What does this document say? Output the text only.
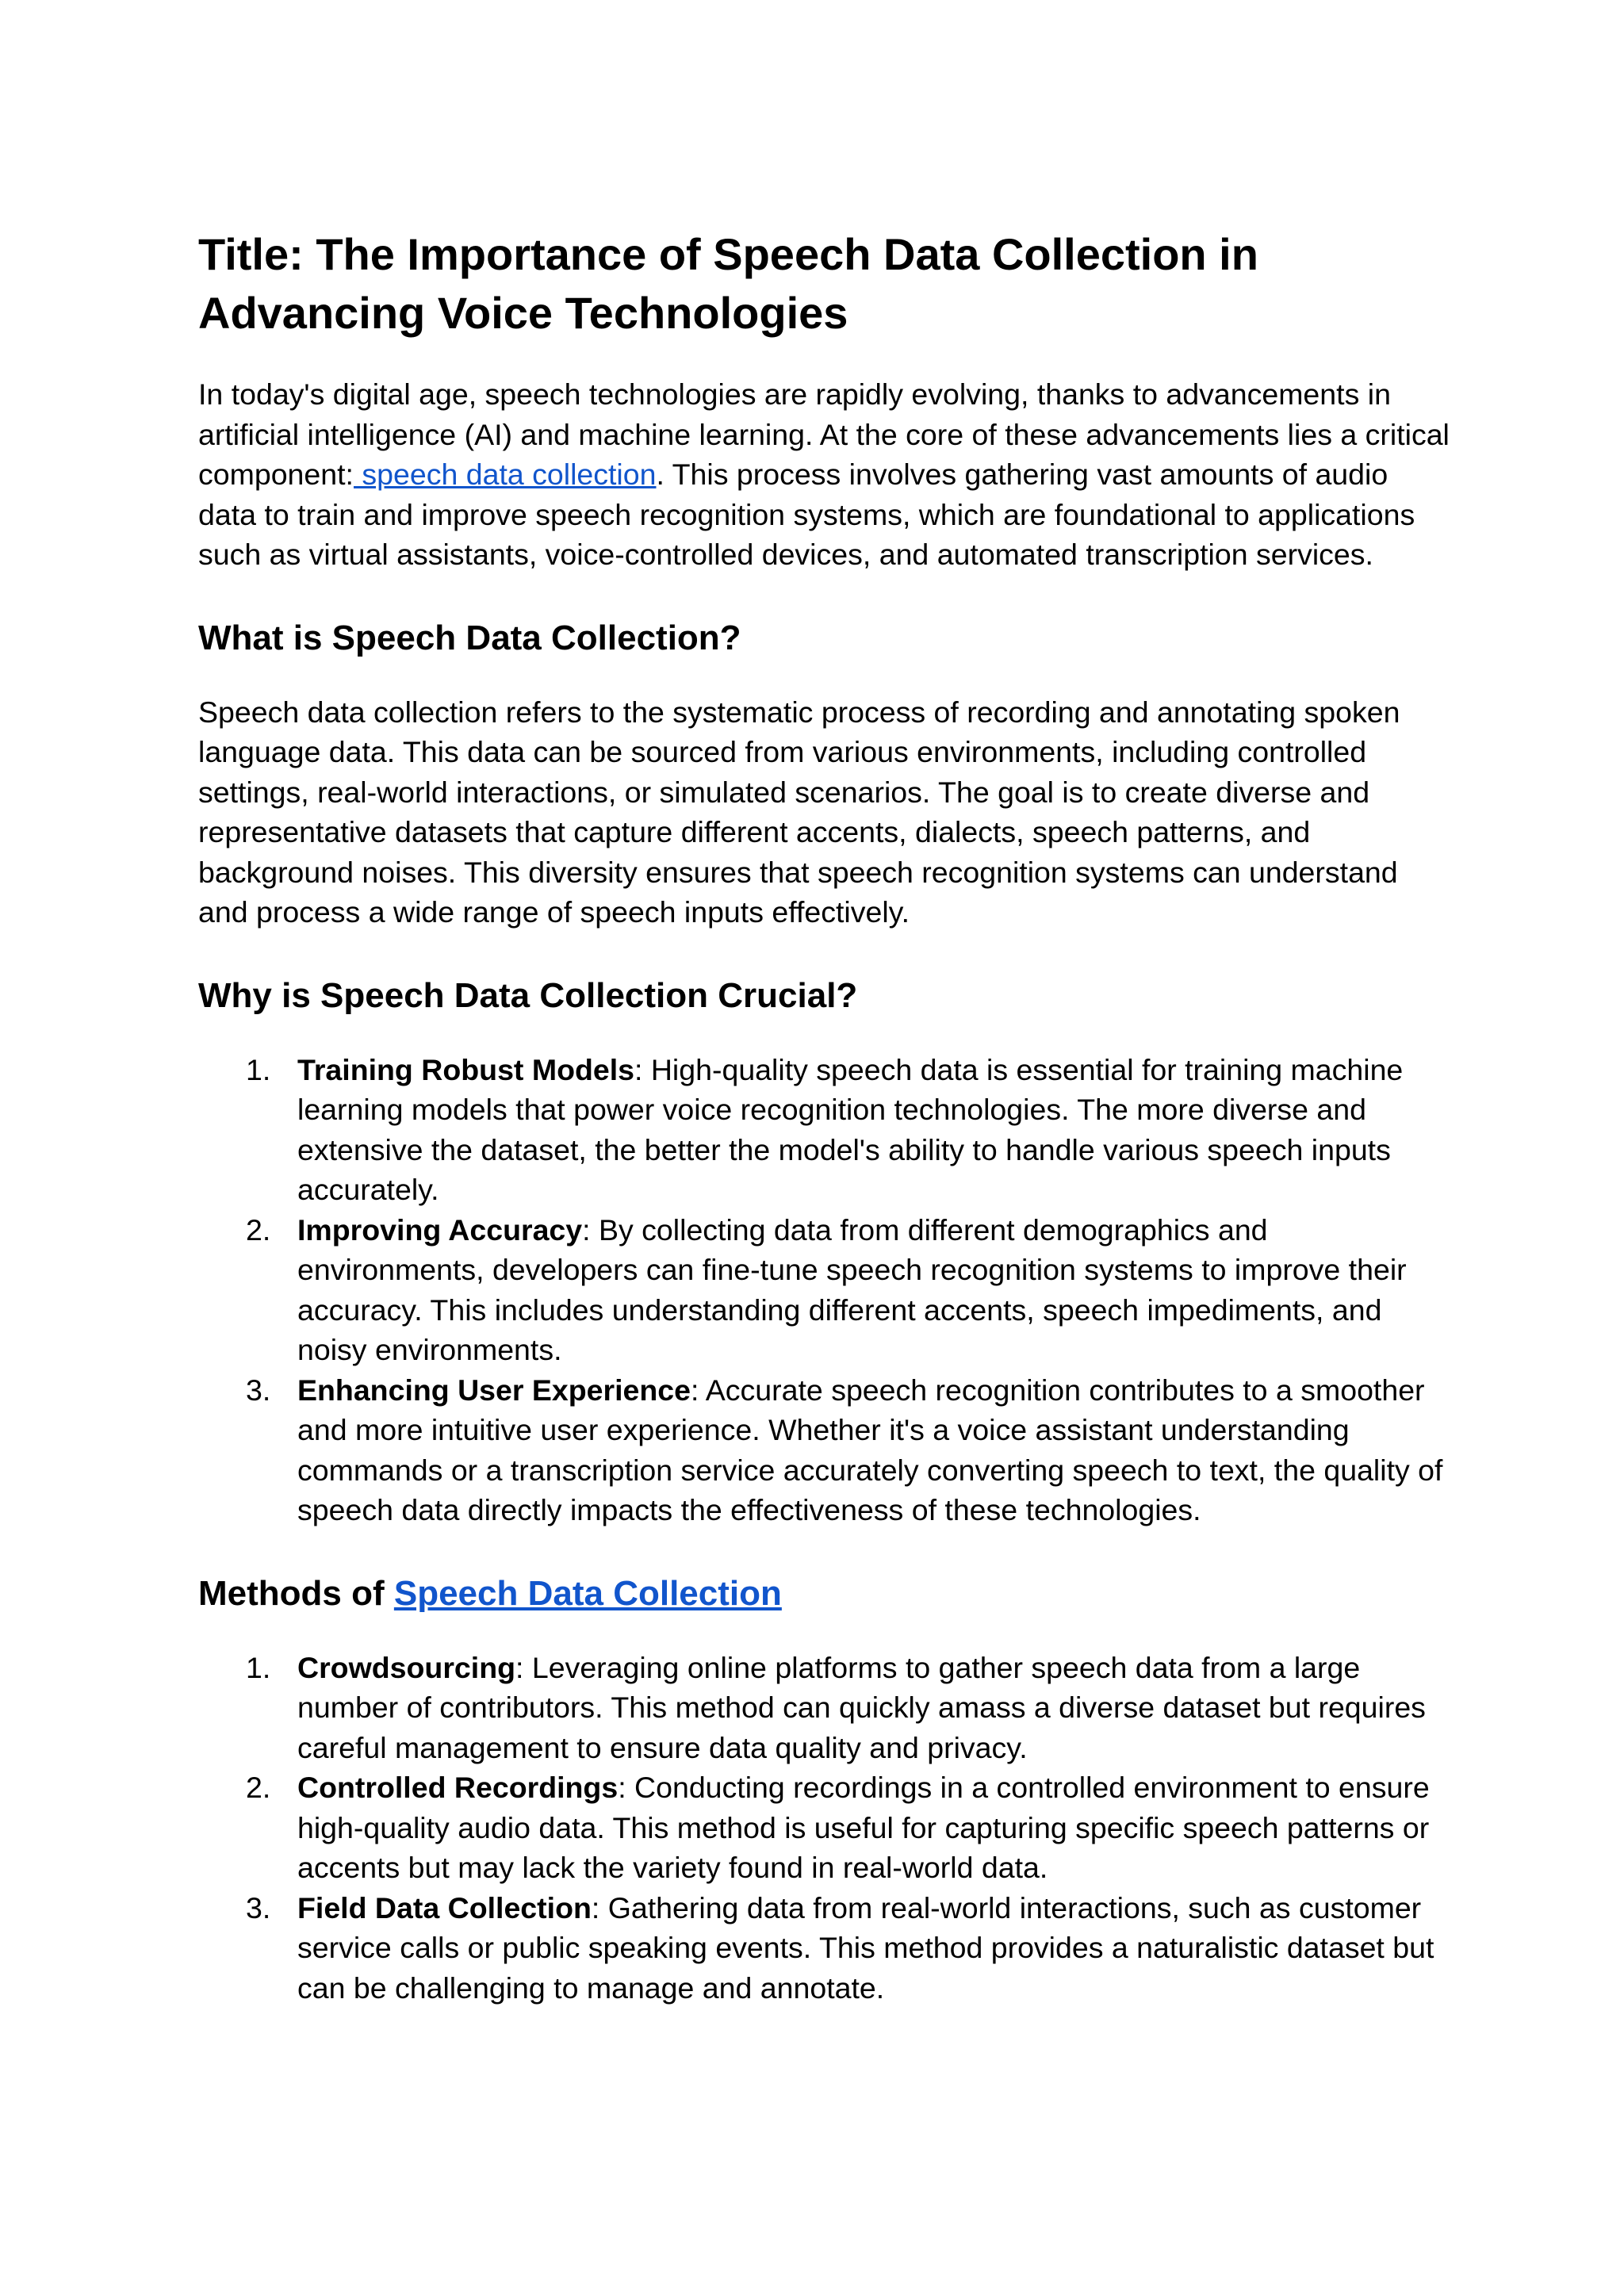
Title: The Importance of Speech Data Collection in Advancing Voice Technologies

In today's digital age, speech technologies are rapidly evolving, thanks to advancements in artificial intelligence (AI) and machine learning. At the core of these advancements lies a critical component: speech data collection. This process involves gathering vast amounts of audio data to train and improve speech recognition systems, which are foundational to applications such as virtual assistants, voice-controlled devices, and automated transcription services.

What is Speech Data Collection?

Speech data collection refers to the systematic process of recording and annotating spoken language data. This data can be sourced from various environments, including controlled settings, real-world interactions, or simulated scenarios. The goal is to create diverse and representative datasets that capture different accents, dialects, speech patterns, and background noises. This diversity ensures that speech recognition systems can understand and process a wide range of speech inputs effectively.

Why is Speech Data Collection Crucial?
1. Training Robust Models: High-quality speech data is essential for training machine learning models that power voice recognition technologies. The more diverse and extensive the dataset, the better the model's ability to handle various speech inputs accurately.
2. Improving Accuracy: By collecting data from different demographics and environments, developers can fine-tune speech recognition systems to improve their accuracy. This includes understanding different accents, speech impediments, and noisy environments.
3. Enhancing User Experience: Accurate speech recognition contributes to a smoother and more intuitive user experience. Whether it's a voice assistant understanding commands or a transcription service accurately converting speech to text, the quality of speech data directly impacts the effectiveness of these technologies.
Methods of Speech Data Collection
1. Crowdsourcing: Leveraging online platforms to gather speech data from a large number of contributors. This method can quickly amass a diverse dataset but requires careful management to ensure data quality and privacy.
2. Controlled Recordings: Conducting recordings in a controlled environment to ensure high-quality audio data. This method is useful for capturing specific speech patterns or accents but may lack the variety found in real-world data.
3. Field Data Collection: Gathering data from real-world interactions, such as customer service calls or public speaking events. This method provides a naturalistic dataset but can be challenging to manage and annotate.
